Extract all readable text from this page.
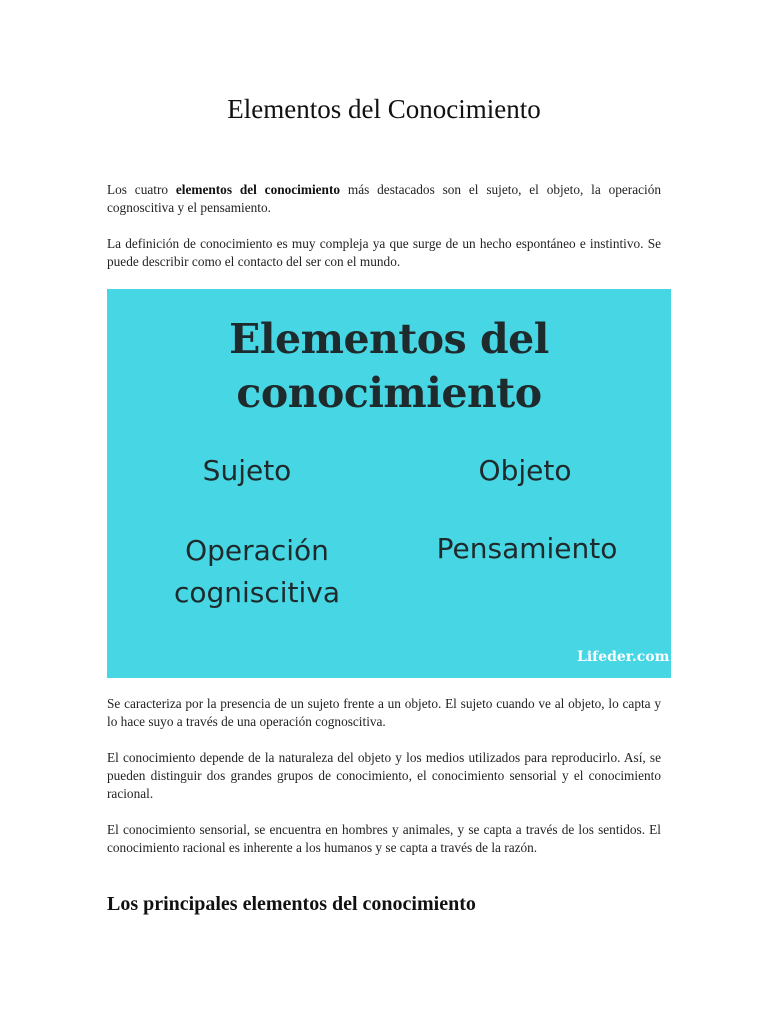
Elementos del Conocimiento

Los cuatro elementos del conocimiento más destacados son el sujeto, el objeto, la operación cognoscitiva y el pensamiento.

La definición de conocimiento es muy compleja ya que surge de un hecho espontáneo e instintivo. Se puede describir como el contacto del ser con el mundo.

Elementos del
conocimiento
Sujeto	Objeto
Operación
cogniscitiva
Pensamiento
Lifeder.com

Se caracteriza por la presencia de un sujeto frente a un objeto. El sujeto cuando ve al objeto, lo capta y lo hace suyo a través de una operación cognoscitiva.

El conocimiento depende de la naturaleza del objeto y los medios utilizados para reproducirlo. Así, se pueden distinguir dos grandes grupos de conocimiento, el conocimiento sensorial y el conocimiento racional.

El conocimiento sensorial, se encuentra en hombres y animales, y se capta a través de los sentidos. El conocimiento racional es inherente a los humanos y se capta a través de la razón.

Los principales elementos del conocimiento
